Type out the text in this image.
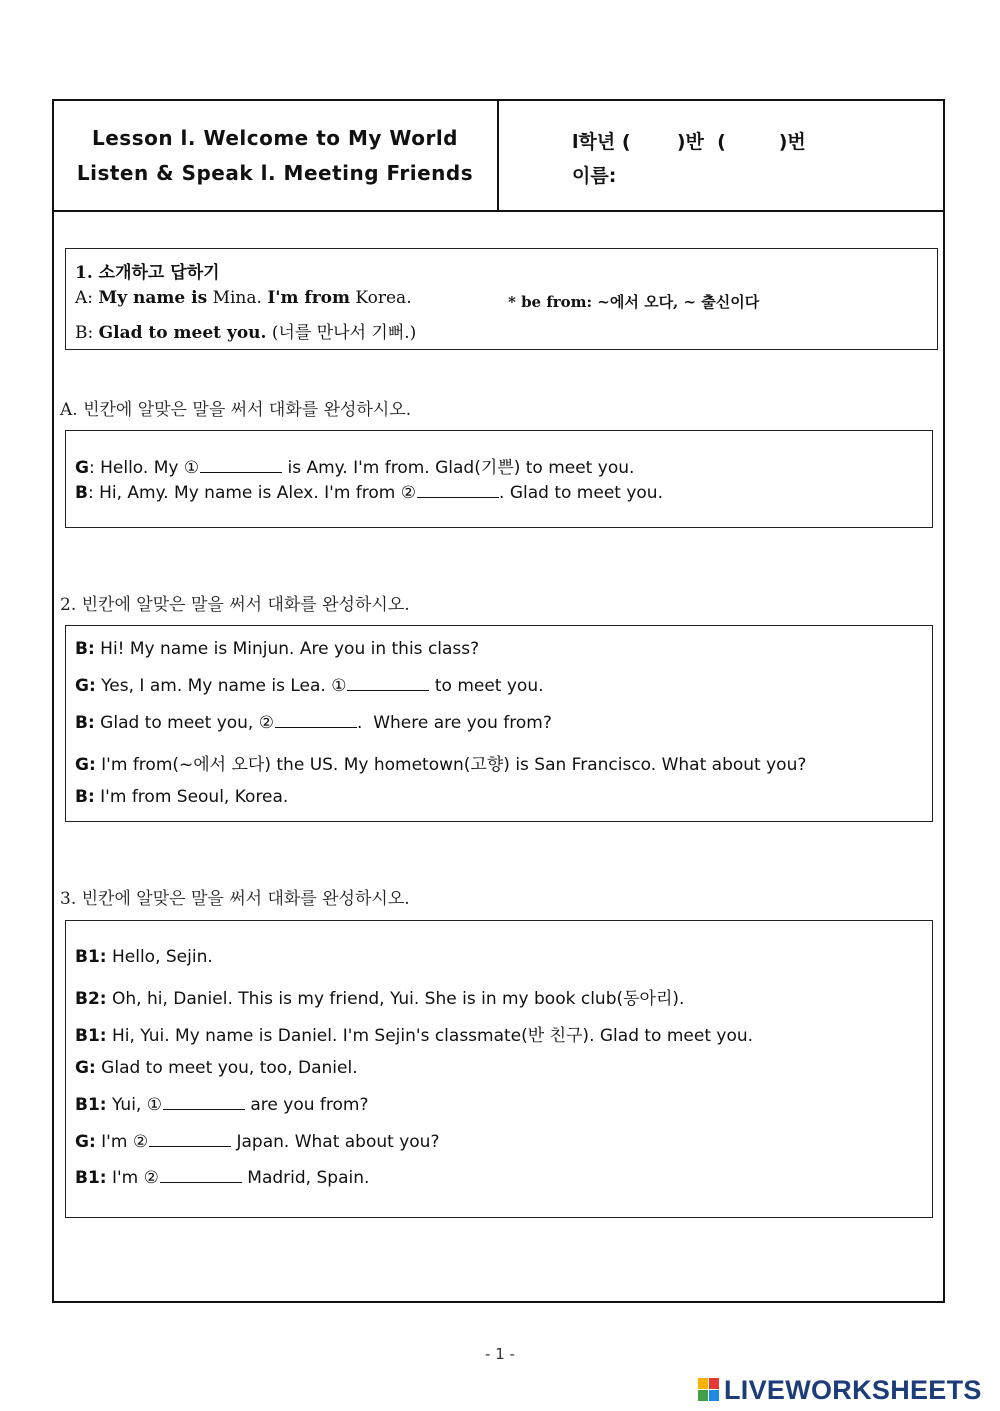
Lesson l. Welcome to My World
Listen & Speak l. Meeting Friends
l학년 (       )반  (        )번
이름:
1. 소개하고 답하기
A: My name is Mina. I'm from Korea.	* be from: ~에서 오다, ~ 출신이다
B: Glad to meet you. (너를 만나서 기뻐.)
A. 빈칸에 알맞은 말을 써서 대화를 완성하시오.
G: Hello. My ①	is Amy. I'm from. Glad(기쁜) to meet you.
B: Hi, Amy. My name is Alex. I'm from ②	. Glad to meet you.
2. 빈칸에 알맞은 말을 써서 대화를 완성하시오.
B: Hi! My name is Minjun. Are you in this class?
G: Yes, I am. My name is Lea. ①	to meet you.
B: Glad to meet you, ②	.  Where are you from?
G: I'm from(~에서 오다) the US. My hometown(고향) is San Francisco. What about you?
B: I'm from Seoul, Korea.
3. 빈칸에 알맞은 말을 써서 대화를 완성하시오.
B1: Hello, Sejin.
B2: Oh, hi, Daniel. This is my friend, Yui. She is in my book club(동아리).
B1: Hi, Yui. My name is Daniel. I'm Sejin's classmate(반 친구). Glad to meet you.
G: Glad to meet you, too, Daniel.
B1: Yui, ①	are you from?
G: I'm ②	Japan. What about you?
B1: I'm ②	Madrid, Spain.
- 1 -
LIVEWORKSHEETS
